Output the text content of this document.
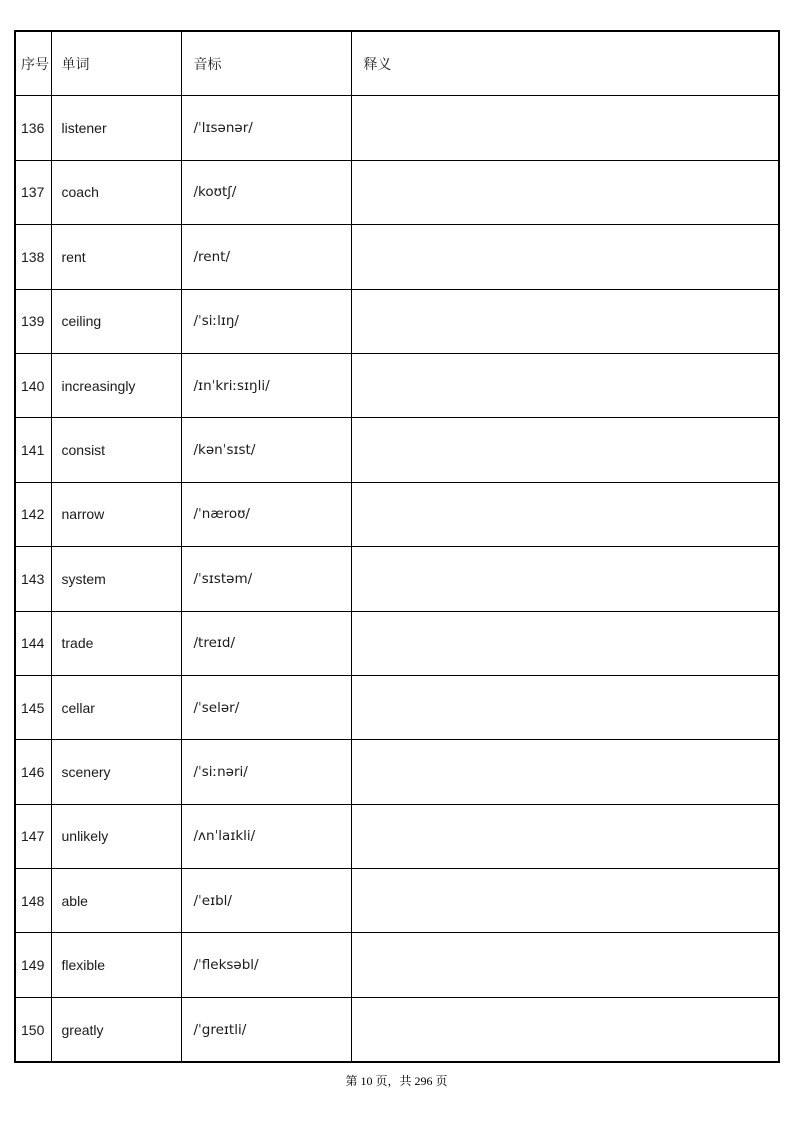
序号	单词	音标	释义
136	listener	/ˈlɪsənər/	
137	coach	/koʊtʃ/	
138	rent	/rent/	
139	ceiling	/ˈsiːlɪŋ/	
140	increasingly	/ɪnˈkriːsɪŋli/	
141	consist	/kənˈsɪst/	
142	narrow	/ˈnæroʊ/	
143	system	/ˈsɪstəm/	
144	trade	/treɪd/	
145	cellar	/ˈselər/	
146	scenery	/ˈsiːnəri/	
147	unlikely	/ʌnˈlaɪkli/	
148	able	/ˈeɪbl/	
149	flexible	/ˈfleksəbl/	
150	greatly	/ˈgreɪtli/	
第 10 页，共 296 页
